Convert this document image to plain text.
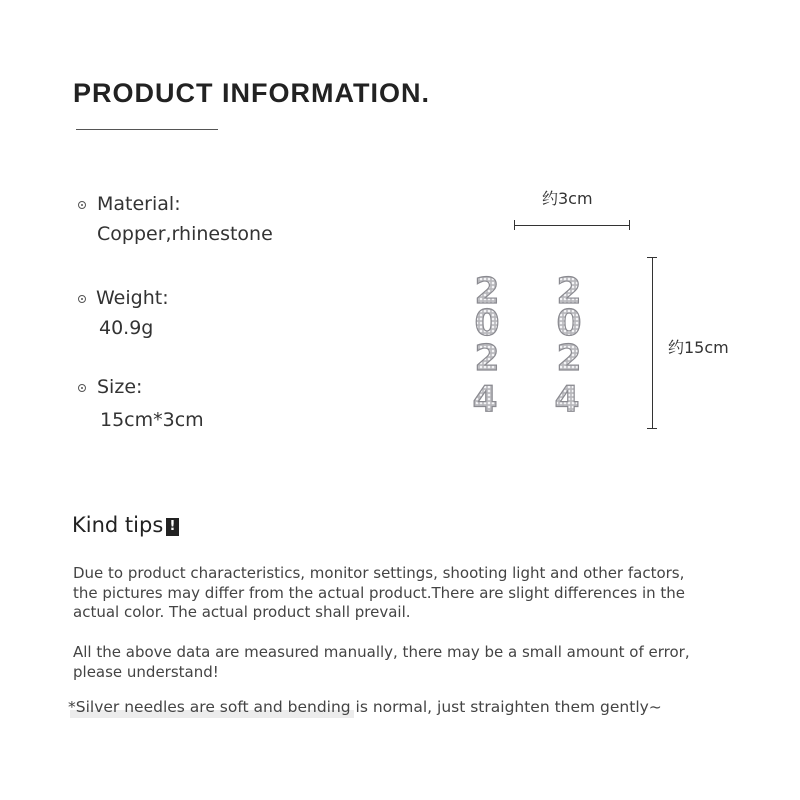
PRODUCT INFORMATION.
Material:
Copper,rhinestone
Weight:
40.9g
Size:
15cm*3cm
约3cm
约15cm
2
0
2
4
2
0
2
4
Kind tips !
Due to product characteristics, monitor settings, shooting light and other factors, the pictures may differ from the actual product.There are slight differences in the actual color. The actual product shall prevail.
All the above data are measured manually, there may be a small amount of error, please understand!
*Silver needles are soft and bending is normal, just straighten them gently~
